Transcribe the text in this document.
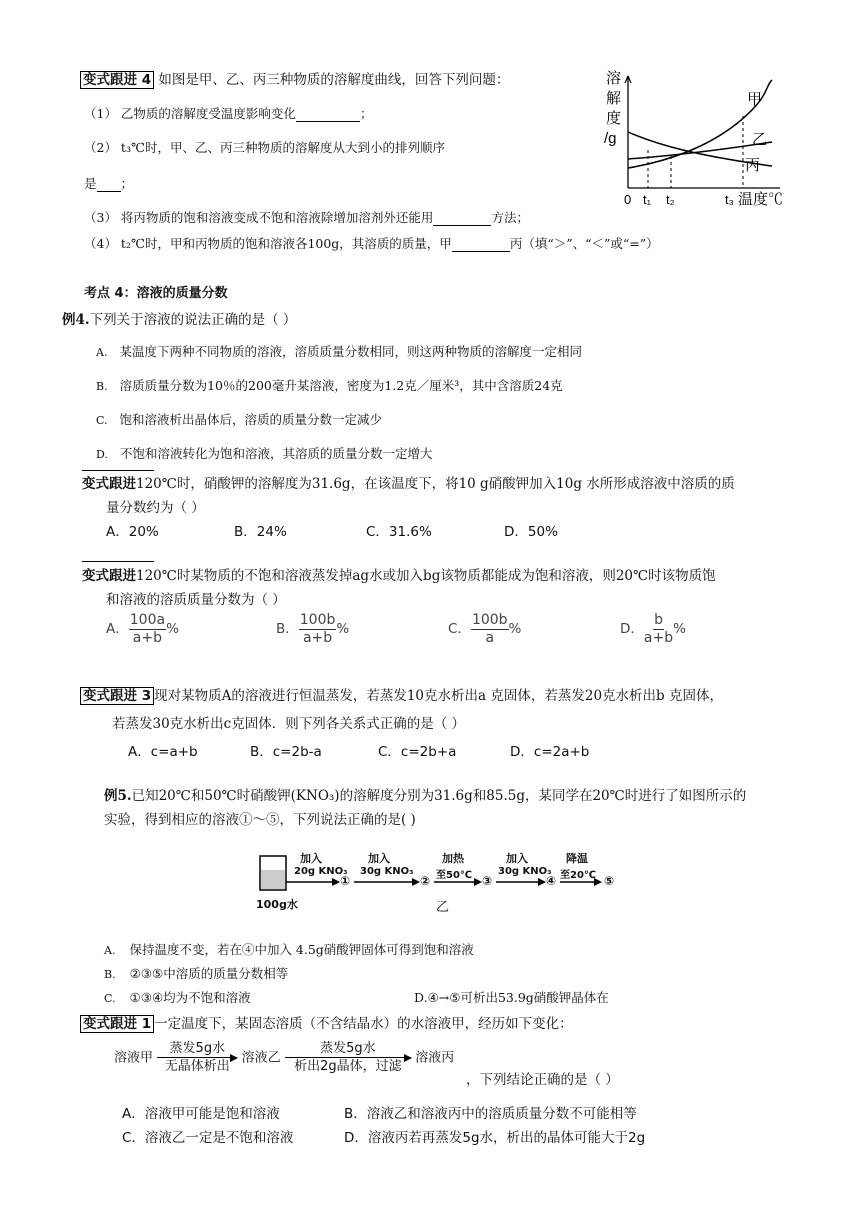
变式跟进 4 如图是甲、乙、丙三种物质的溶解度曲线，回答下列问题：
（1） 乙物质的溶解度受温度影响变化	；
（2） t₃℃时，甲、乙、丙三种物质的溶解度从大到小的排列顺序
是 ；
（3） 将丙物质的饱和溶液变成不饱和溶液除增加溶剂外还能用	方法；
（4） t₂℃时，甲和丙物质的饱和溶液各100g，其溶质的质量，甲	丙（填“＞”、“＜”或“=”）
溶
解
度
/g
甲
乙
丙
0 t₁ t₂	t₃ 温度℃
考点 4：溶液的质量分数
例4.下列关于溶液的说法正确的是（ ）
A. 某温度下两种不同物质的溶液，溶质质量分数相同，则这两种物质的溶解度一定相同
B. 溶质质量分数为10％的200毫升某溶液，密度为1.2克／厘米³，其中含溶质24克
C. 饱和溶液析出晶体后，溶质的质量分数一定减少
D. 不饱和溶液转化为饱和溶液，其溶质的质量分数一定增大
变式跟进120℃时，硝酸钾的溶解度为31.6g，在该温度下，将10 g硝酸钾加入10g 水所形成溶液中溶质的质
量分数约为（ ）
A．20%	B．24%	C．31.6%	D．50%
变式跟进120℃时某物质的不饱和溶液蒸发掉ag水或加入bg该物质都能成为饱和溶液，则20℃时该物质饱
和溶液的溶质质量分数为（ ）
A． $\frac{100a}{a+b}$ %	B． $\frac{100b}{a+b}$ %	C． $\frac{100b}{a}$ %	D． $\frac{b}{a+b}$ %
变式跟进 3 现对某物质A的溶液进行恒温蒸发，若蒸发10克水析出a 克固体，若蒸发20克水析出b 克固体，
若蒸发30克水析出c克固体．则下列各关系式正确的是（ ）
A．c=a+b	B．c=2b-a	C．c=2b+a	D．c=2a+b
例5.已知20℃和50℃时硝酸钾(KNO₃)的溶解度分别为31.6g和85.5g，某同学在20℃时进行了如图所示的
实验，得到相应的溶液①～⑤，下列说法正确的是( )
100g水
加入
20g KNO₃
①
加入
30g KNO₃
②
加热
至50℃ ③
加入
30g KNO₃
④
降温
至20℃ ⑤
乙
A. 保持温度不变，若在④中加入 4.5g硝酸钾固体可得到饱和溶液
B. ②③⑤中溶质的质量分数相等
C. ①③④均为不饱和溶液	D.④→⑤可析出53.9g硝酸钾晶体在
变式跟进 1 一定温度下，某固态溶质（不含结晶水）的水溶液甲，经历如下变化：
溶液甲
蒸发5g水
无晶体析出
溶液乙
蒸发5g水
析出2g晶体，过滤
溶液丙
，下列结论正确的是（ ）
A．溶液甲可能是饱和溶液	B．溶液乙和溶液丙中的溶质质量分数不可能相等
C．溶液乙一定是不饱和溶液	D．溶液丙若再蒸发5g水，析出的晶体可能大于2g
